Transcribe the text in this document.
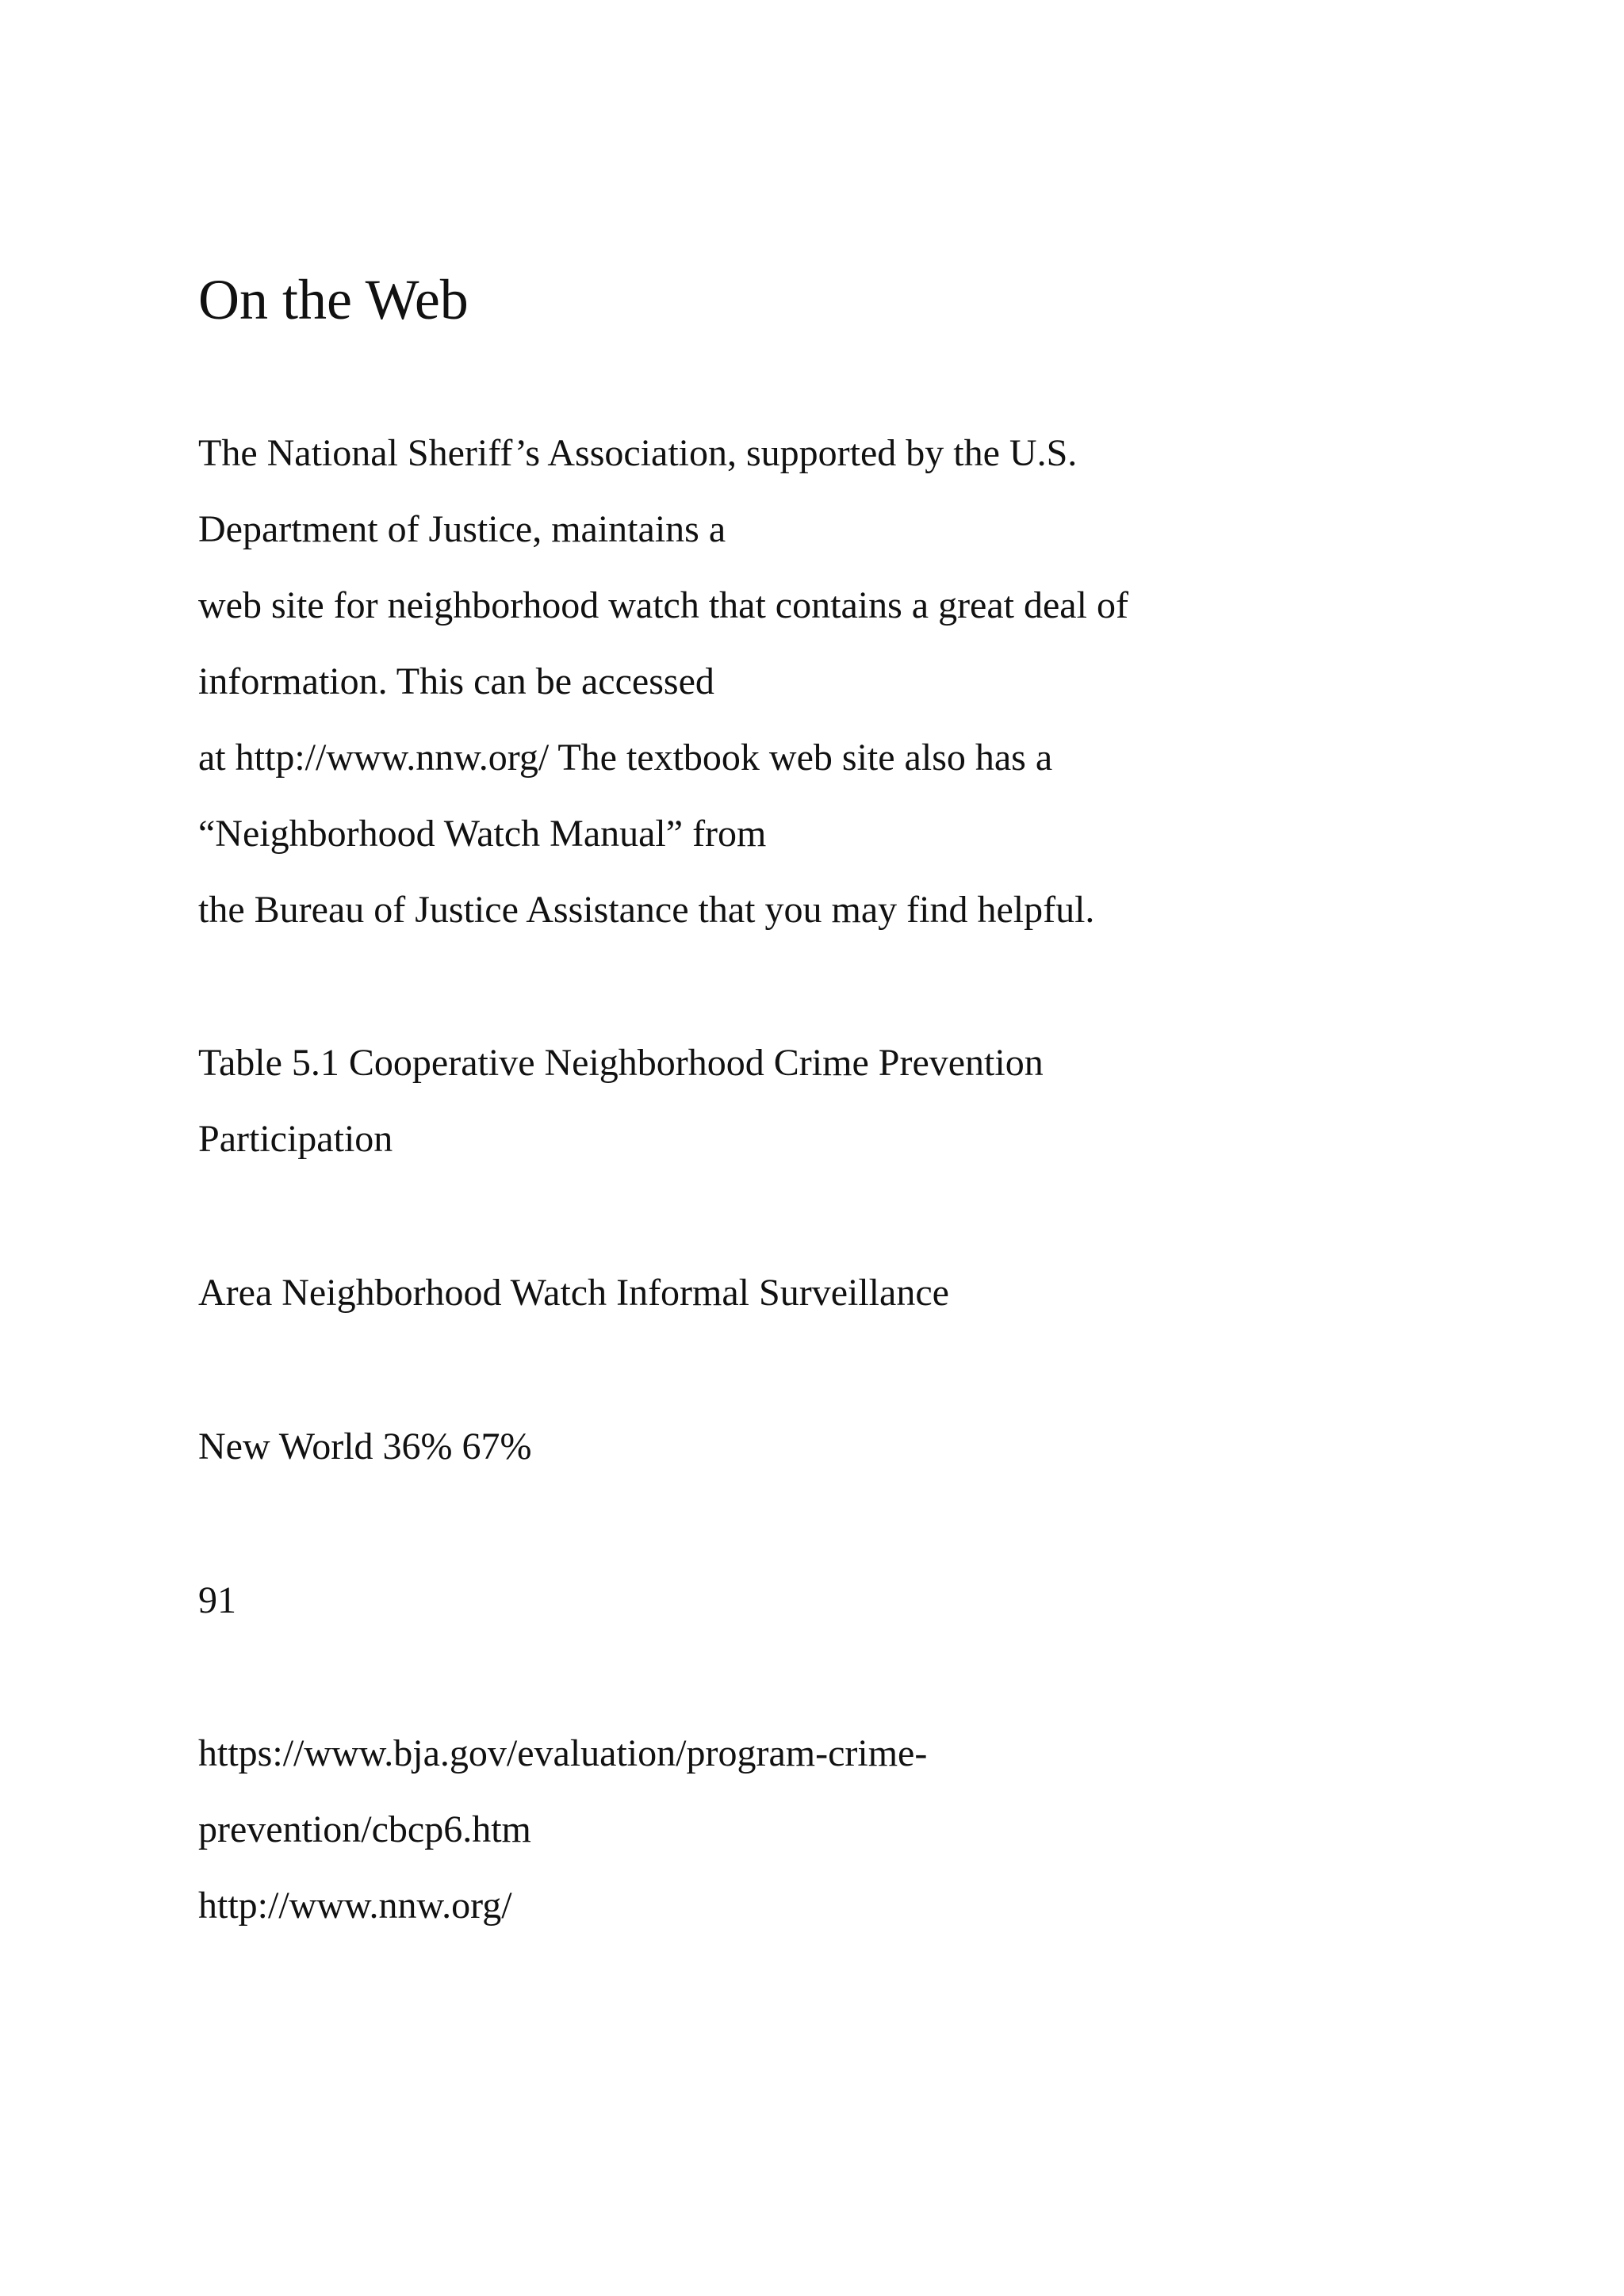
On the Web

The National Sheriff’s Association, supported by the U.S.

Department of Justice, maintains a

web site for neighborhood watch that contains a great deal of

information. This can be accessed

at http://www.nnw.org/ The textbook web site also has a

“Neighborhood Watch Manual” from

the Bureau of Justice Assistance that you may find helpful.

Table 5.1 Cooperative Neighborhood Crime Prevention

Participation

Area Neighborhood Watch Informal Surveillance

New World 36% 67%

91

https://www.bja.gov/evaluation/program-crime-

prevention/cbcp6.htm

http://www.nnw.org/
